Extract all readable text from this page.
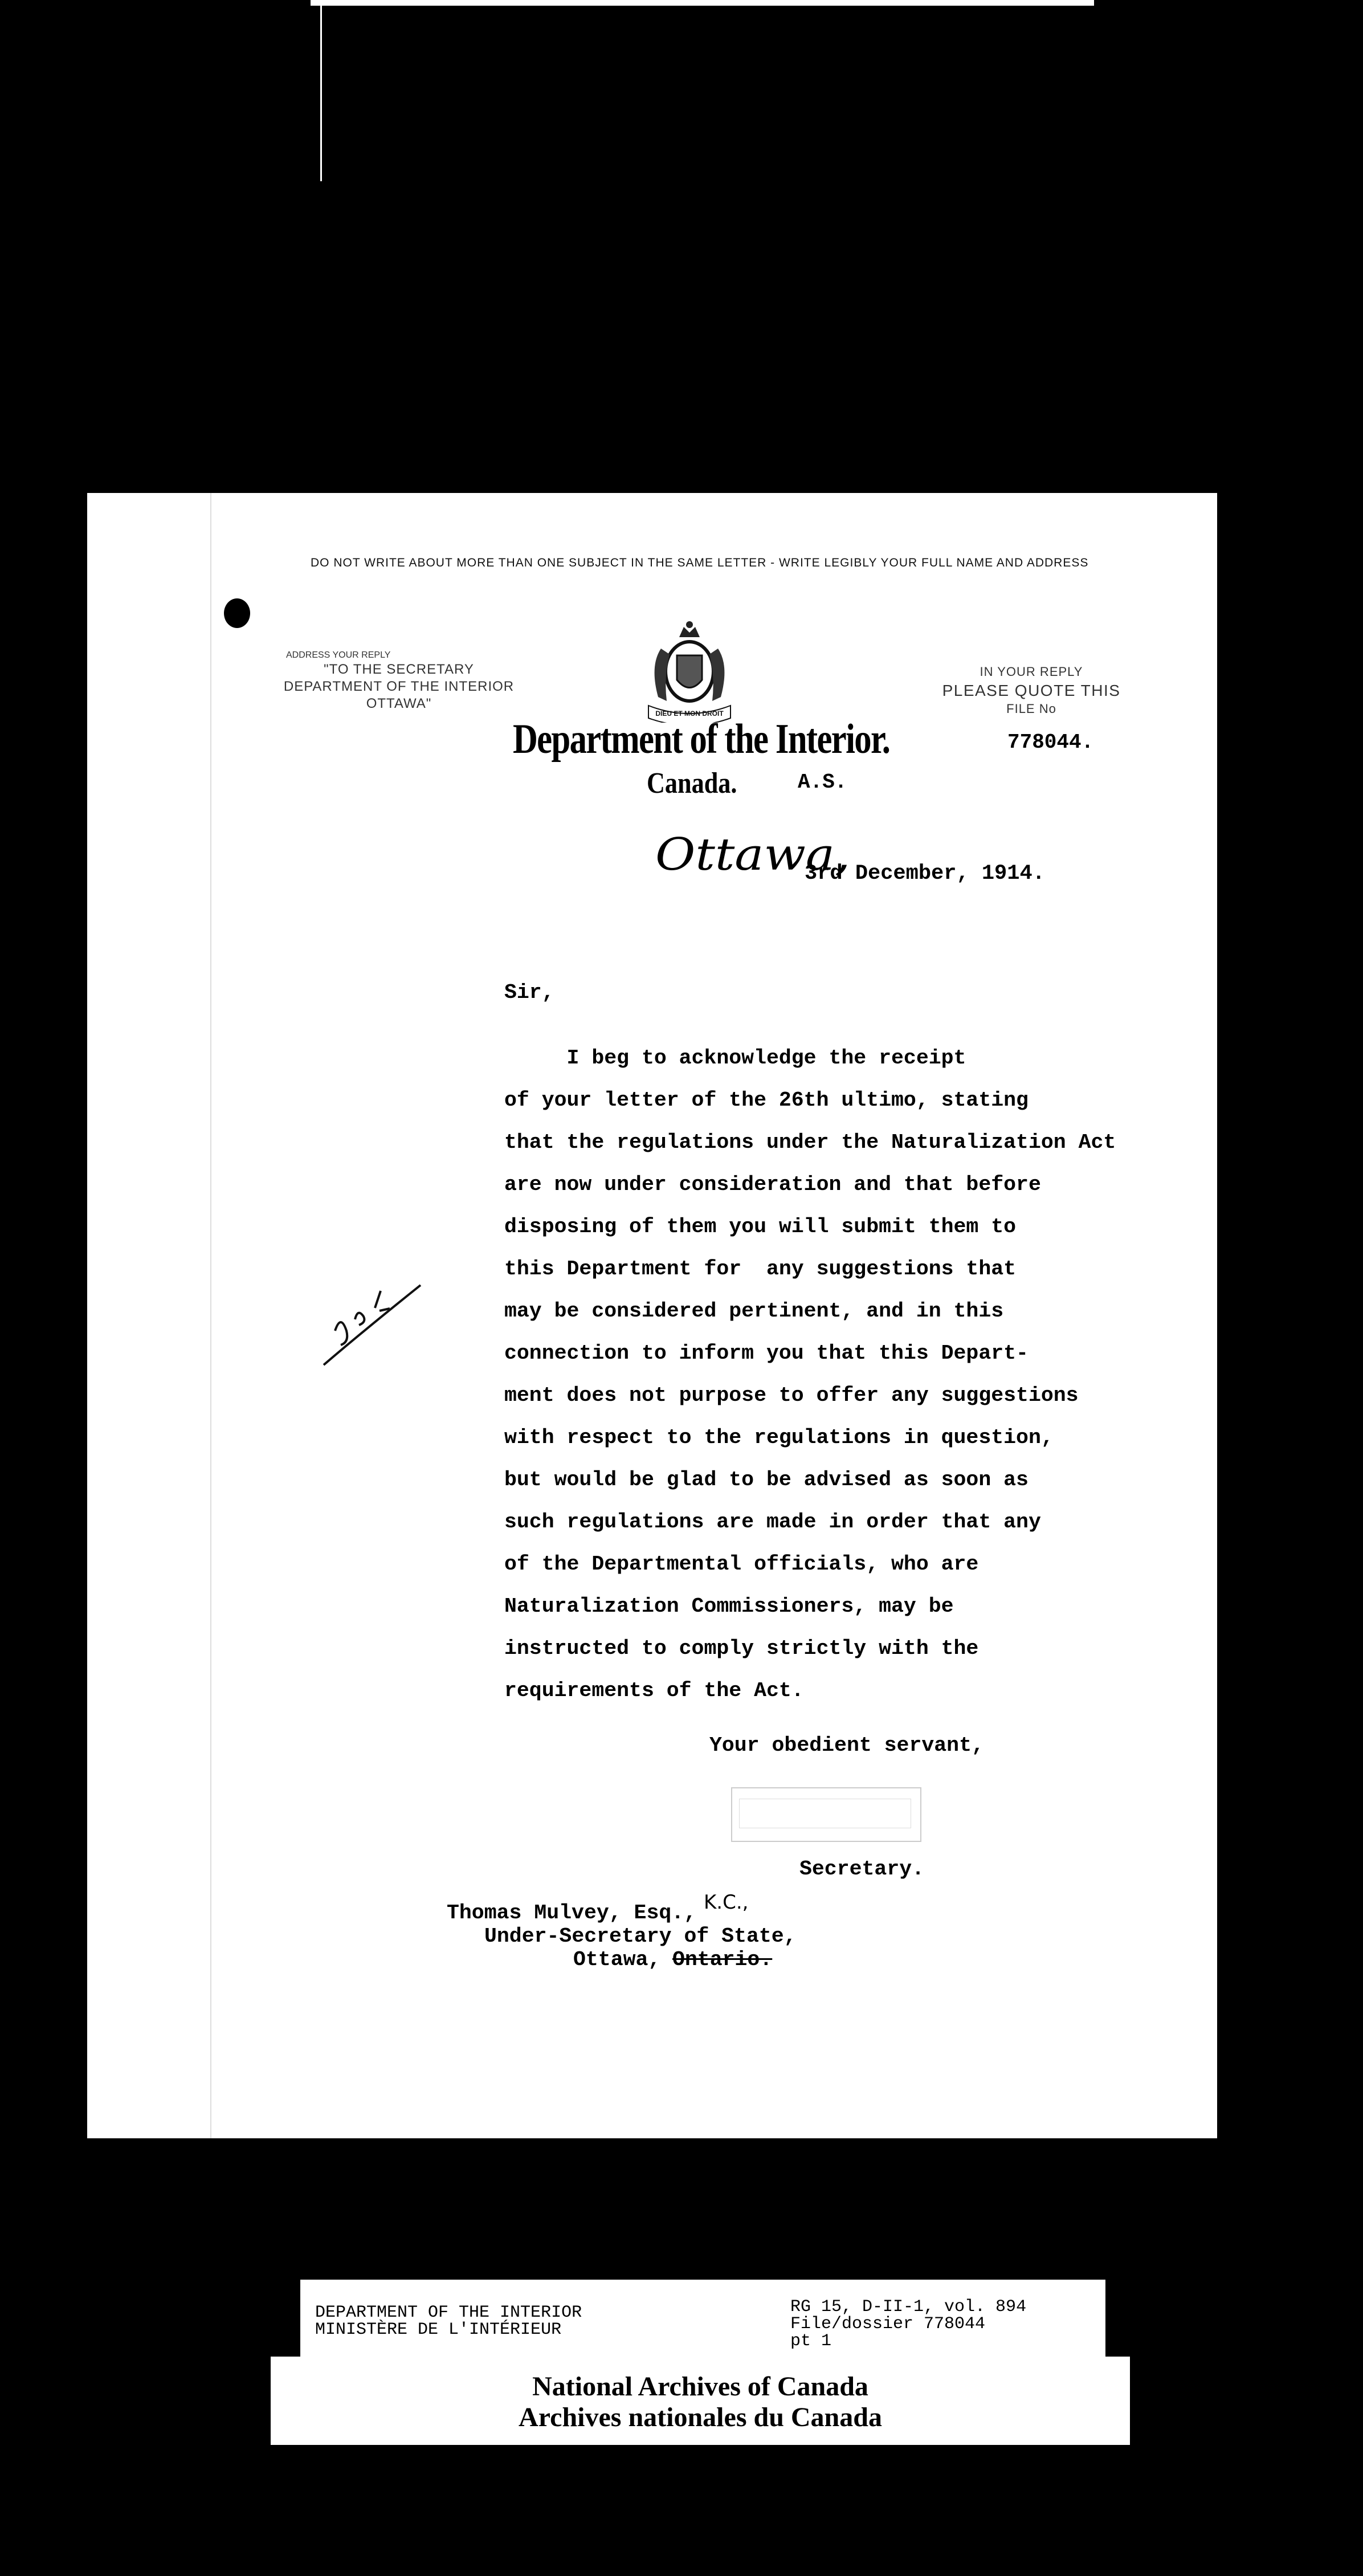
DO NOT WRITE ABOUT MORE THAN ONE SUBJECT IN THE SAME LETTER - WRITE LEGIBLY YOUR FULL NAME AND ADDRESS
ADDRESS YOUR REPLY
"TO THE SECRETARY
DEPARTMENT OF THE INTERIOR
OTTAWA"
DIEU ET MON DROIT
Department of the Interior.
Canada.	A.S.
IN YOUR REPLY
PLEASE QUOTE THIS
FILE No
778044.
Ottawa,
3rd December, 1914.
Sir,
I beg to acknowledge the receipt
of your letter of the 26th ultimo, stating
that the regulations under the Naturalization Act
are now under consideration and that before
disposing of them you will submit them to
this Department for  any suggestions that
may be considered pertinent, and in this
connection to inform you that this Depart-
ment does not purpose to offer any suggestions
with respect to the regulations in question,
but would be glad to be advised as soon as
such regulations are made in order that any
of the Departmental officials, who are
Naturalization Commissioners, may be
instructed to comply strictly with the
requirements of the Act.
Your obedient servant,
Secretary.
Thomas Mulvey, Esq., K.C.,
Under-Secretary of State,
Ottawa, Ontario.
DEPARTMENT OF THE INTERIOR
MINISTÈRE DE L'INTÉRIEUR
RG 15, D-II-1, vol. 894
File/dossier 778044
pt 1
National Archives of Canada
Archives nationales du Canada
